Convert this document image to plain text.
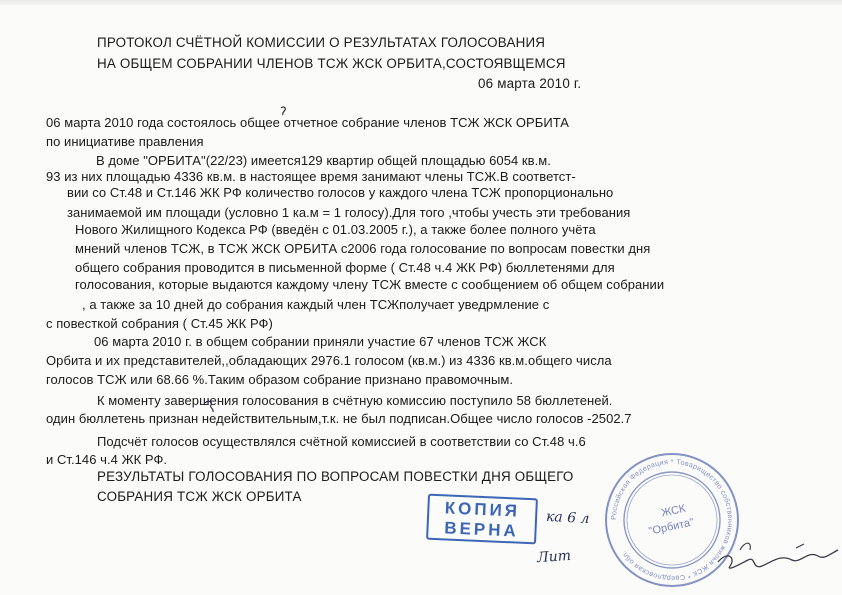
ПРОТОКОЛ СЧЁТНОЙ КОМИССИИ О РЕЗУЛЬТАТАХ ГОЛОСОВАНИЯ
НА ОБЩЕМ СОБРАНИИ ЧЛЕНОВ ТСЖ ЖСК ОРБИТА,СОСТОЯВЩЕМСЯ
06 марта 2010 г.
06 марта 2010 года состоялось общее отчетное собрание членов ТСЖ ЖСК ОРБИТА
по инициативе правления
В доме "ОРБИТА"(22/23) имеется129 квартир общей площадью 6054 кв.м.
93 из них площадью 4336 кв.м. в настоящее время занимают члены ТСЖ.В соответст-
вии со Ст.48 и Ст.146 ЖК РФ количество голосов у каждого члена ТСЖ пропорционально
занимаемой им площади (условно 1 ка.м = 1 голосу).Для того ,чтобы учесть эти требования
Нового Жилищного Кодекса РФ (введён с 01.03.2005 г.), а также более полного учёта
мнений членов ТСЖ, в ТСЖ ЖСК ОРБИТА с2006 года голосование по вопросам повестки дня
общего собрания проводится в письменной форме ( Ст.48 ч.4 ЖК РФ) бюллетенями для
голосования, которые выдаются каждому члену ТСЖ вместе с сообщением об общем собрании
, а также за 10 дней до собрания каждый член ТСЖполучает уведрмление с
с повесткой собрания ( Ст.45 ЖК РФ)
06 марта 2010 г. в общем собрании приняли участие 67 членов ТСЖ ЖСК
Орбита и их представителей,,обладающих 2976.1 голосом (кв.м.) из 4336 кв.м.общего числа
голосов ТСЖ или 68.66 %.Таким образом собрание признано правомочным.
К моменту завершения голосования в счётную комиссию поступило 58 бюллетеней.
один бюллетень признан недействительным,т.к. не был подписан.Общее число голосов -2502.7
Подсчёт голосов осуществлялся счётной комиссией в соответствии со Ст.48 ч.6
и Ст.146 ч.4 ЖК РФ.
РЕЗУЛЬТАТЫ ГОЛОСОВАНИЯ ПО ВОПРОСАМ ПОВЕСТКИ ДНЯ ОБЩЕГО
СОБРАНИЯ ТСЖ ЖСК ОРБИТА
КОПИЯ
ВЕРНА
ка 6 л
Лит
Российская Федерация * Товарищество собственников жилья ЖСК * Свердловская обл.
ЖСК
"Орбита"
